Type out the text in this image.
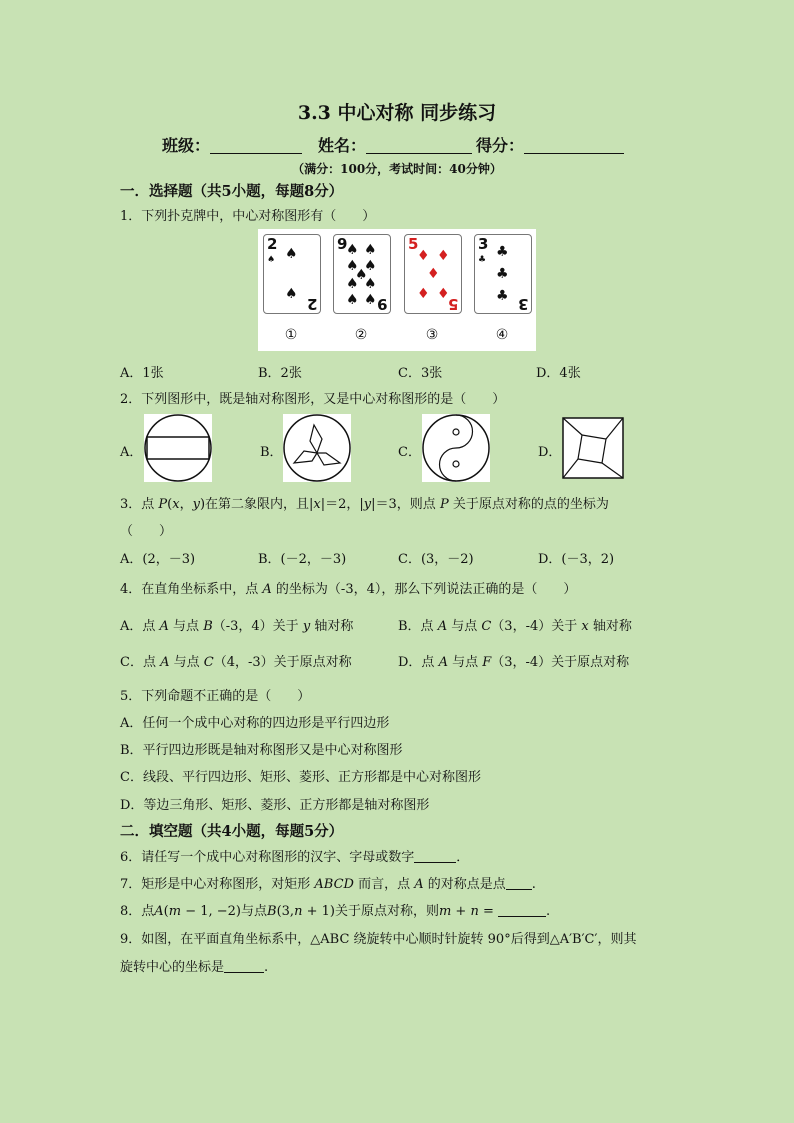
3.3 中心对称 同步练习
班级：	姓名：	得分：
（满分：100分，考试时间：40分钟）
一．选择题（共5小题，每题8分）
1．下列扑克牌中，中心对称图形有（　　）
2
♠ ♠
♠
2
9
♠ ♠
♠ ♠
♠
♠ ♠
♠ ♠ 9
5
♦ ♦
♦
♦ ♦
5
3
♣ ♣
♣
♣ 3
①	②	③	④
A．1张	B．2张	C．3张	D．4张
2．下列图形中，既是轴对称图形，又是中心对称图形的是（　　）
A．	B．	C．	D．
3．点 P(x，y)在第二象限内，且|x|＝2，|y|＝3，则点 P 关于原点对称的点的坐标为
（　　）
A．(2，－3)	B．(－2，－3)	C．(3，－2)	D．(－3，2)
4．在直角坐标系中，点 A 的坐标为（-3，4），那么下列说法正确的是（　　）
A．点 A 与点 B（-3，4）关于 y 轴对称	B．点 A 与点 C（3，-4）关于 x 轴对称
C．点 A 与点 C（4，-3）关于原点对称	D．点 A 与点 F（3，-4）关于原点对称
5．下列命题不正确的是（　　）
A．任何一个成中心对称的四边形是平行四边形
B．平行四边形既是轴对称图形又是中心对称图形
C．线段、平行四边形、矩形、菱形、正方形都是中心对称图形
D．等边三角形、矩形、菱形、正方形都是轴对称图形
二．填空题（共4小题，每题5分）
6．请任写一个成中心对称图形的汉字、字母或数字	．
7．矩形是中心对称图形，对矩形 ABCD 而言，点 A 的对称点是点 .
8．点A(m − 1, −2)与点B(3,n + 1)关于原点对称，则m + n =	.
9．如图，在平面直角坐标系中，△ABC 绕旋转中心顺时针旋转 90°后得到△A′B′C′，则其
旋转中心的坐标是	.
